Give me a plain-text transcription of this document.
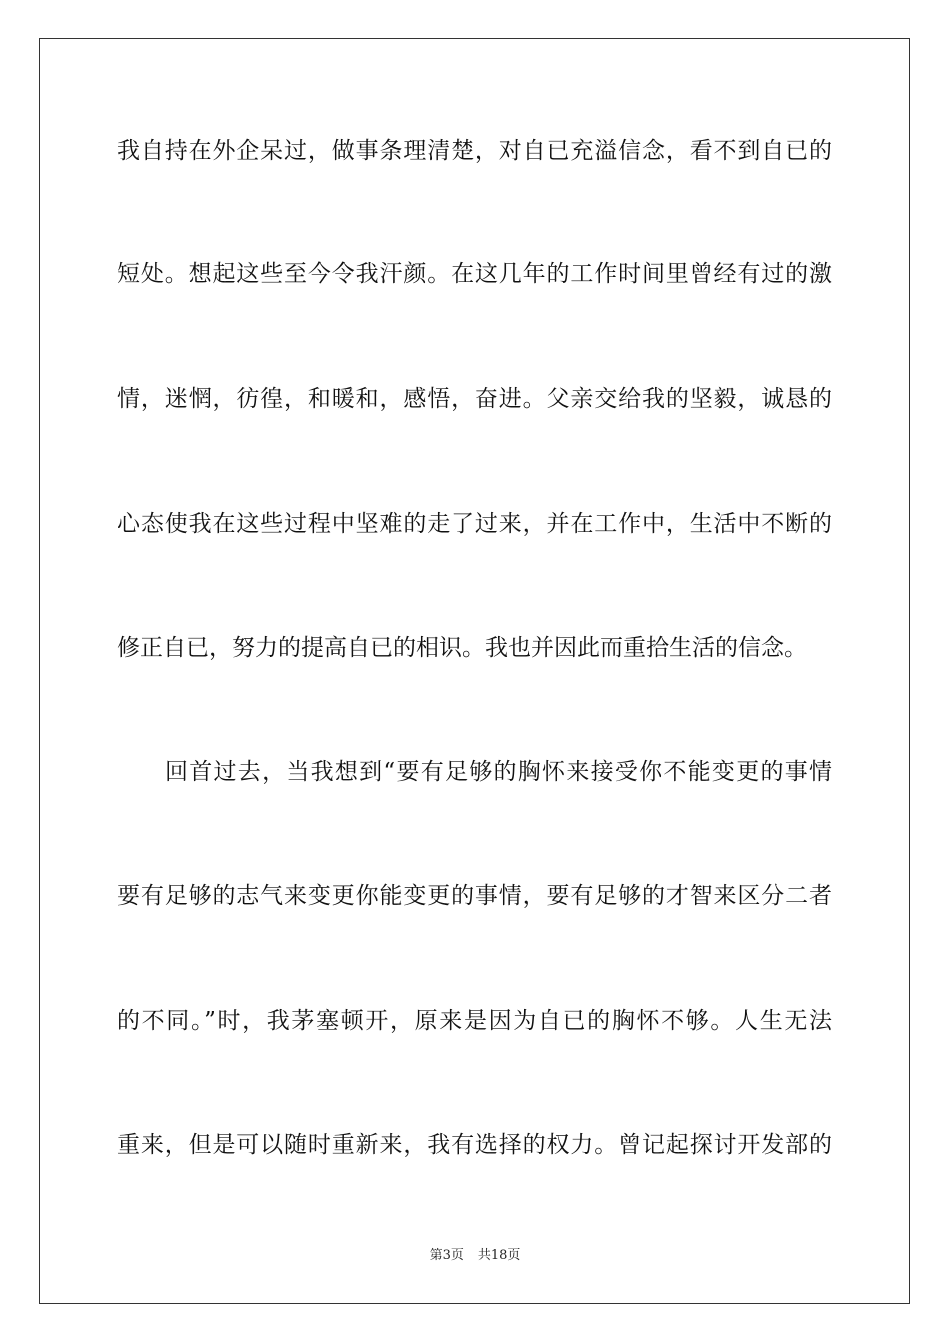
我自持在外企呆过，做事条理清楚，对自已充溢信念，看不到自已的
短处。想起这些至今令我汗颜。在这几年的工作时间里曾经有过的激
情，迷惘，彷徨，和暖和，感悟，奋进。父亲交给我的坚毅，诚恳的
心态使我在这些过程中坚难的走了过来，并在工作中，生活中不断的
修正自已，努力的提高自已的相识。我也并因此而重拾生活的信念。
回首过去，当我想到“要有足够的胸怀来接受你不能变更的事情
要有足够的志气来变更你能变更的事情，要有足够的才智来区分二者
的不同。”时，我茅塞顿开，原来是因为自已的胸怀不够。人生无法
重来，但是可以随时重新来，我有选择的权力。曾记起探讨开发部的
第3页 共18页
